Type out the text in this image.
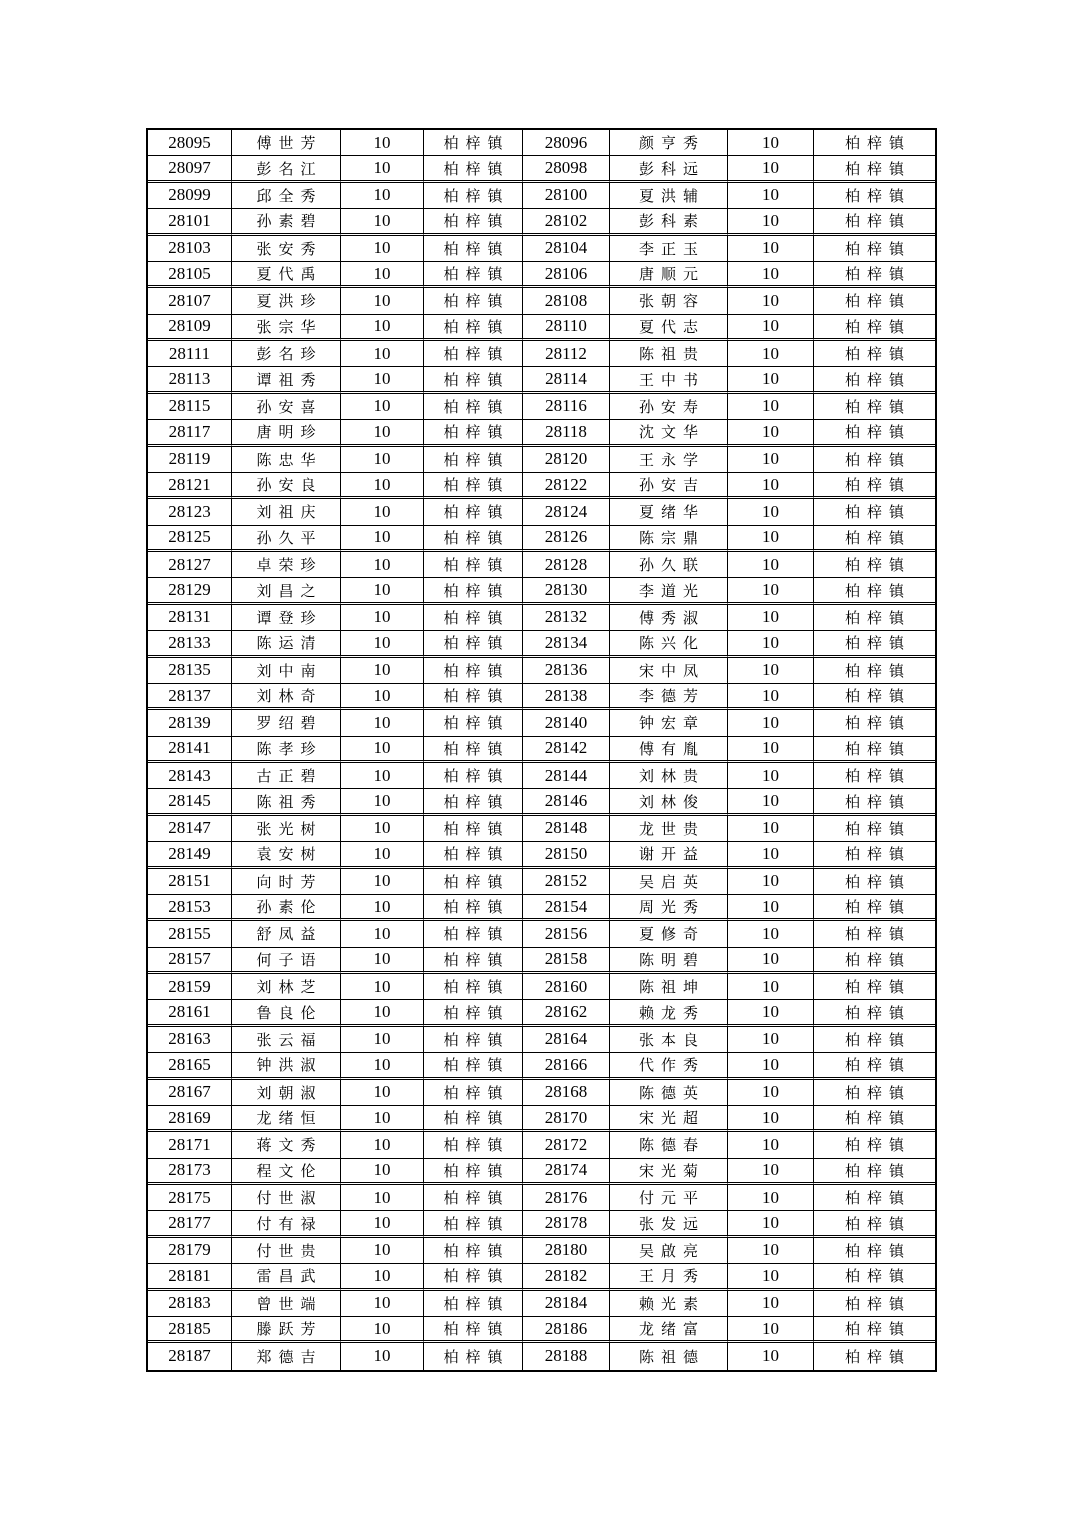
28095	傅世芳	10	柏梓镇	28096	颜亨秀	10	柏梓镇
28097	彭名江	10	柏梓镇	28098	彭科远	10	柏梓镇
28099	邱全秀	10	柏梓镇	28100	夏洪辅	10	柏梓镇
28101	孙素碧	10	柏梓镇	28102	彭科素	10	柏梓镇
28103	张安秀	10	柏梓镇	28104	李正玉	10	柏梓镇
28105	夏代禹	10	柏梓镇	28106	唐顺元	10	柏梓镇
28107	夏洪珍	10	柏梓镇	28108	张朝容	10	柏梓镇
28109	张宗华	10	柏梓镇	28110	夏代志	10	柏梓镇
28111	彭名珍	10	柏梓镇	28112	陈祖贵	10	柏梓镇
28113	谭祖秀	10	柏梓镇	28114	王中书	10	柏梓镇
28115	孙安喜	10	柏梓镇	28116	孙安寿	10	柏梓镇
28117	唐明珍	10	柏梓镇	28118	沈文华	10	柏梓镇
28119	陈忠华	10	柏梓镇	28120	王永学	10	柏梓镇
28121	孙安良	10	柏梓镇	28122	孙安吉	10	柏梓镇
28123	刘祖庆	10	柏梓镇	28124	夏绪华	10	柏梓镇
28125	孙久平	10	柏梓镇	28126	陈宗鼎	10	柏梓镇
28127	卓荣珍	10	柏梓镇	28128	孙久联	10	柏梓镇
28129	刘昌之	10	柏梓镇	28130	李道光	10	柏梓镇
28131	谭登珍	10	柏梓镇	28132	傅秀淑	10	柏梓镇
28133	陈运清	10	柏梓镇	28134	陈兴化	10	柏梓镇
28135	刘中南	10	柏梓镇	28136	宋中凤	10	柏梓镇
28137	刘林奇	10	柏梓镇	28138	李德芳	10	柏梓镇
28139	罗绍碧	10	柏梓镇	28140	钟宏章	10	柏梓镇
28141	陈孝珍	10	柏梓镇	28142	傅有胤	10	柏梓镇
28143	古正碧	10	柏梓镇	28144	刘林贵	10	柏梓镇
28145	陈祖秀	10	柏梓镇	28146	刘林俊	10	柏梓镇
28147	张光树	10	柏梓镇	28148	龙世贵	10	柏梓镇
28149	袁安树	10	柏梓镇	28150	谢开益	10	柏梓镇
28151	向时芳	10	柏梓镇	28152	吴启英	10	柏梓镇
28153	孙素伦	10	柏梓镇	28154	周光秀	10	柏梓镇
28155	舒凤益	10	柏梓镇	28156	夏修奇	10	柏梓镇
28157	何子语	10	柏梓镇	28158	陈明碧	10	柏梓镇
28159	刘林芝	10	柏梓镇	28160	陈祖坤	10	柏梓镇
28161	鲁良伦	10	柏梓镇	28162	赖龙秀	10	柏梓镇
28163	张云福	10	柏梓镇	28164	张本良	10	柏梓镇
28165	钟洪淑	10	柏梓镇	28166	代作秀	10	柏梓镇
28167	刘朝淑	10	柏梓镇	28168	陈德英	10	柏梓镇
28169	龙绪恒	10	柏梓镇	28170	宋光超	10	柏梓镇
28171	蒋文秀	10	柏梓镇	28172	陈德春	10	柏梓镇
28173	程文伦	10	柏梓镇	28174	宋光菊	10	柏梓镇
28175	付世淑	10	柏梓镇	28176	付元平	10	柏梓镇
28177	付有禄	10	柏梓镇	28178	张发远	10	柏梓镇
28179	付世贵	10	柏梓镇	28180	吴啟亮	10	柏梓镇
28181	雷昌武	10	柏梓镇	28182	王月秀	10	柏梓镇
28183	曾世端	10	柏梓镇	28184	赖光素	10	柏梓镇
28185	滕跃芳	10	柏梓镇	28186	龙绪富	10	柏梓镇
28187	郑德吉	10	柏梓镇	28188	陈祖德	10	柏梓镇
